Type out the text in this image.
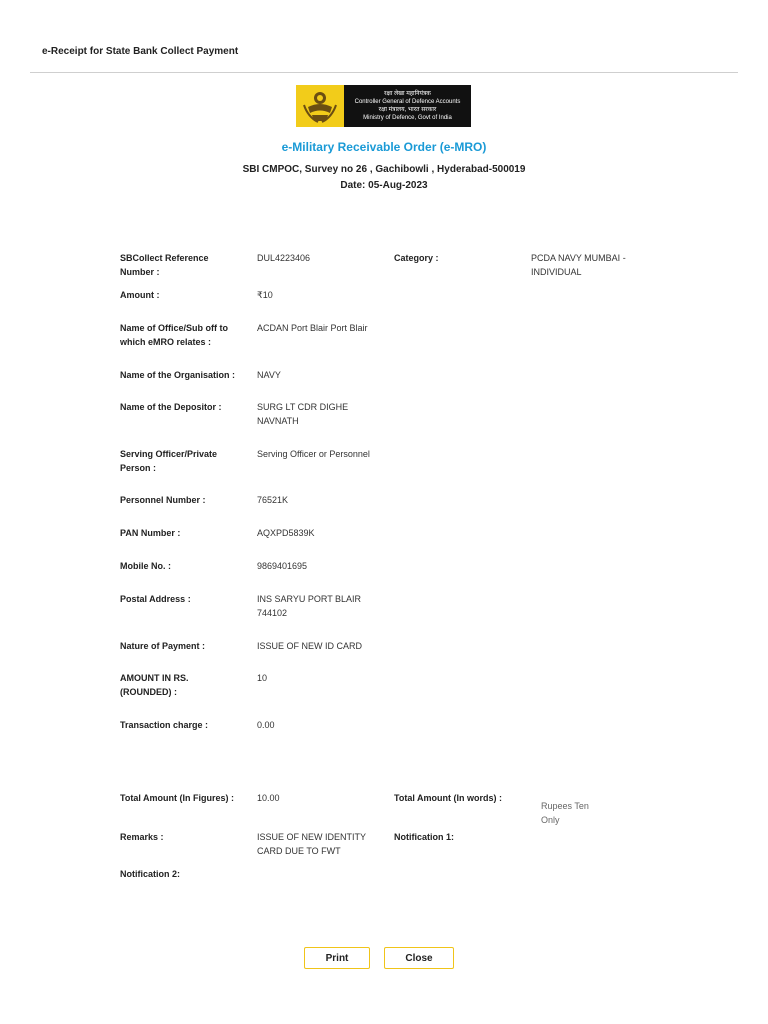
e-Receipt for State Bank Collect Payment
रक्षा लेखा महानियंत्रक
Controller General of Defence Accounts
रक्षा मंत्रालय, भारत सरकार
Ministry of Defence, Govt of India
e-Military Receivable Order (e-MRO)
SBI CMPOC, Survey no 26 , Gachibowli , Hyderabad-500019
Date: 05-Aug-2023
SBCollect Reference Number :
DUL4223406	Category :	PCDA NAVY MUMBAI - INDIVIDUAL
Amount :	₹10
Name of Office/Sub off to which eMRO relates :
ACDAN Port Blair Port Blair
Name of the Organisation :	NAVY
Name of the Depositor :	SURG LT CDR DIGHE NAVNATH
Serving Officer/Private Person :
Serving Officer or Personnel
Personnel Number :	76521K
PAN Number :	AQXPD5839K
Mobile No. :	9869401695
Postal Address :	INS SARYU PORT BLAIR 744102
Nature of Payment :	ISSUE OF NEW ID CARD
AMOUNT IN RS. (ROUNDED) :
10
Transaction charge :	0.00
Total Amount (In Figures) :	10.00	Total Amount (In words) :
Rupees Ten Only
Remarks :	ISSUE OF NEW IDENTITY CARD DUE TO FWT
Notification 1:
Notification 2:
Print	Close
